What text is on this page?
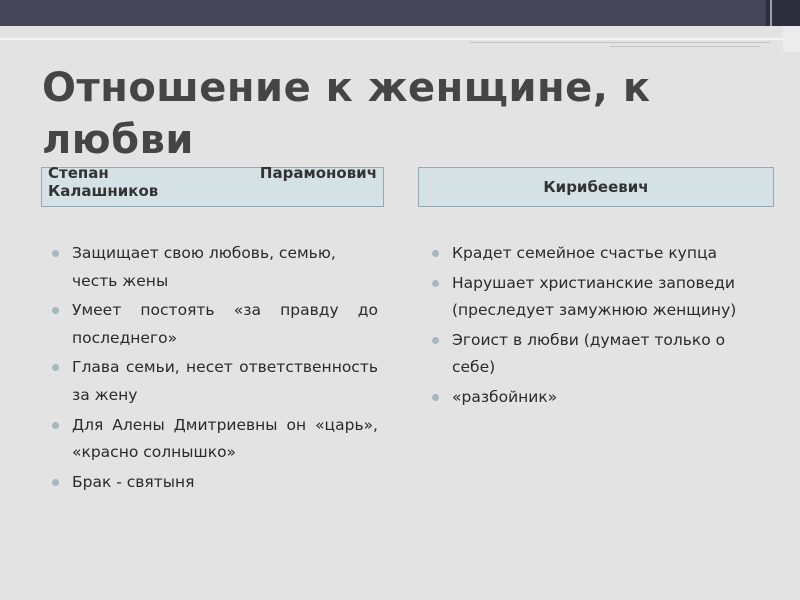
Отношение к женщине, к любви
Степан	Парамонович
Калашников	Кирибеевич
Защищает свою любовь, семью, честь жены
Умеет постоять «за правду до последнего»
Глава семьи, несет ответственность за жену
Для Алены Дмитриевны он «царь», «красно солнышко»
Брак - святыня
Крадет семейное счастье купца
Нарушает христианские заповеди (преследует замужнюю женщину)
Эгоист в любви (думает только о себе)
«разбойник»
